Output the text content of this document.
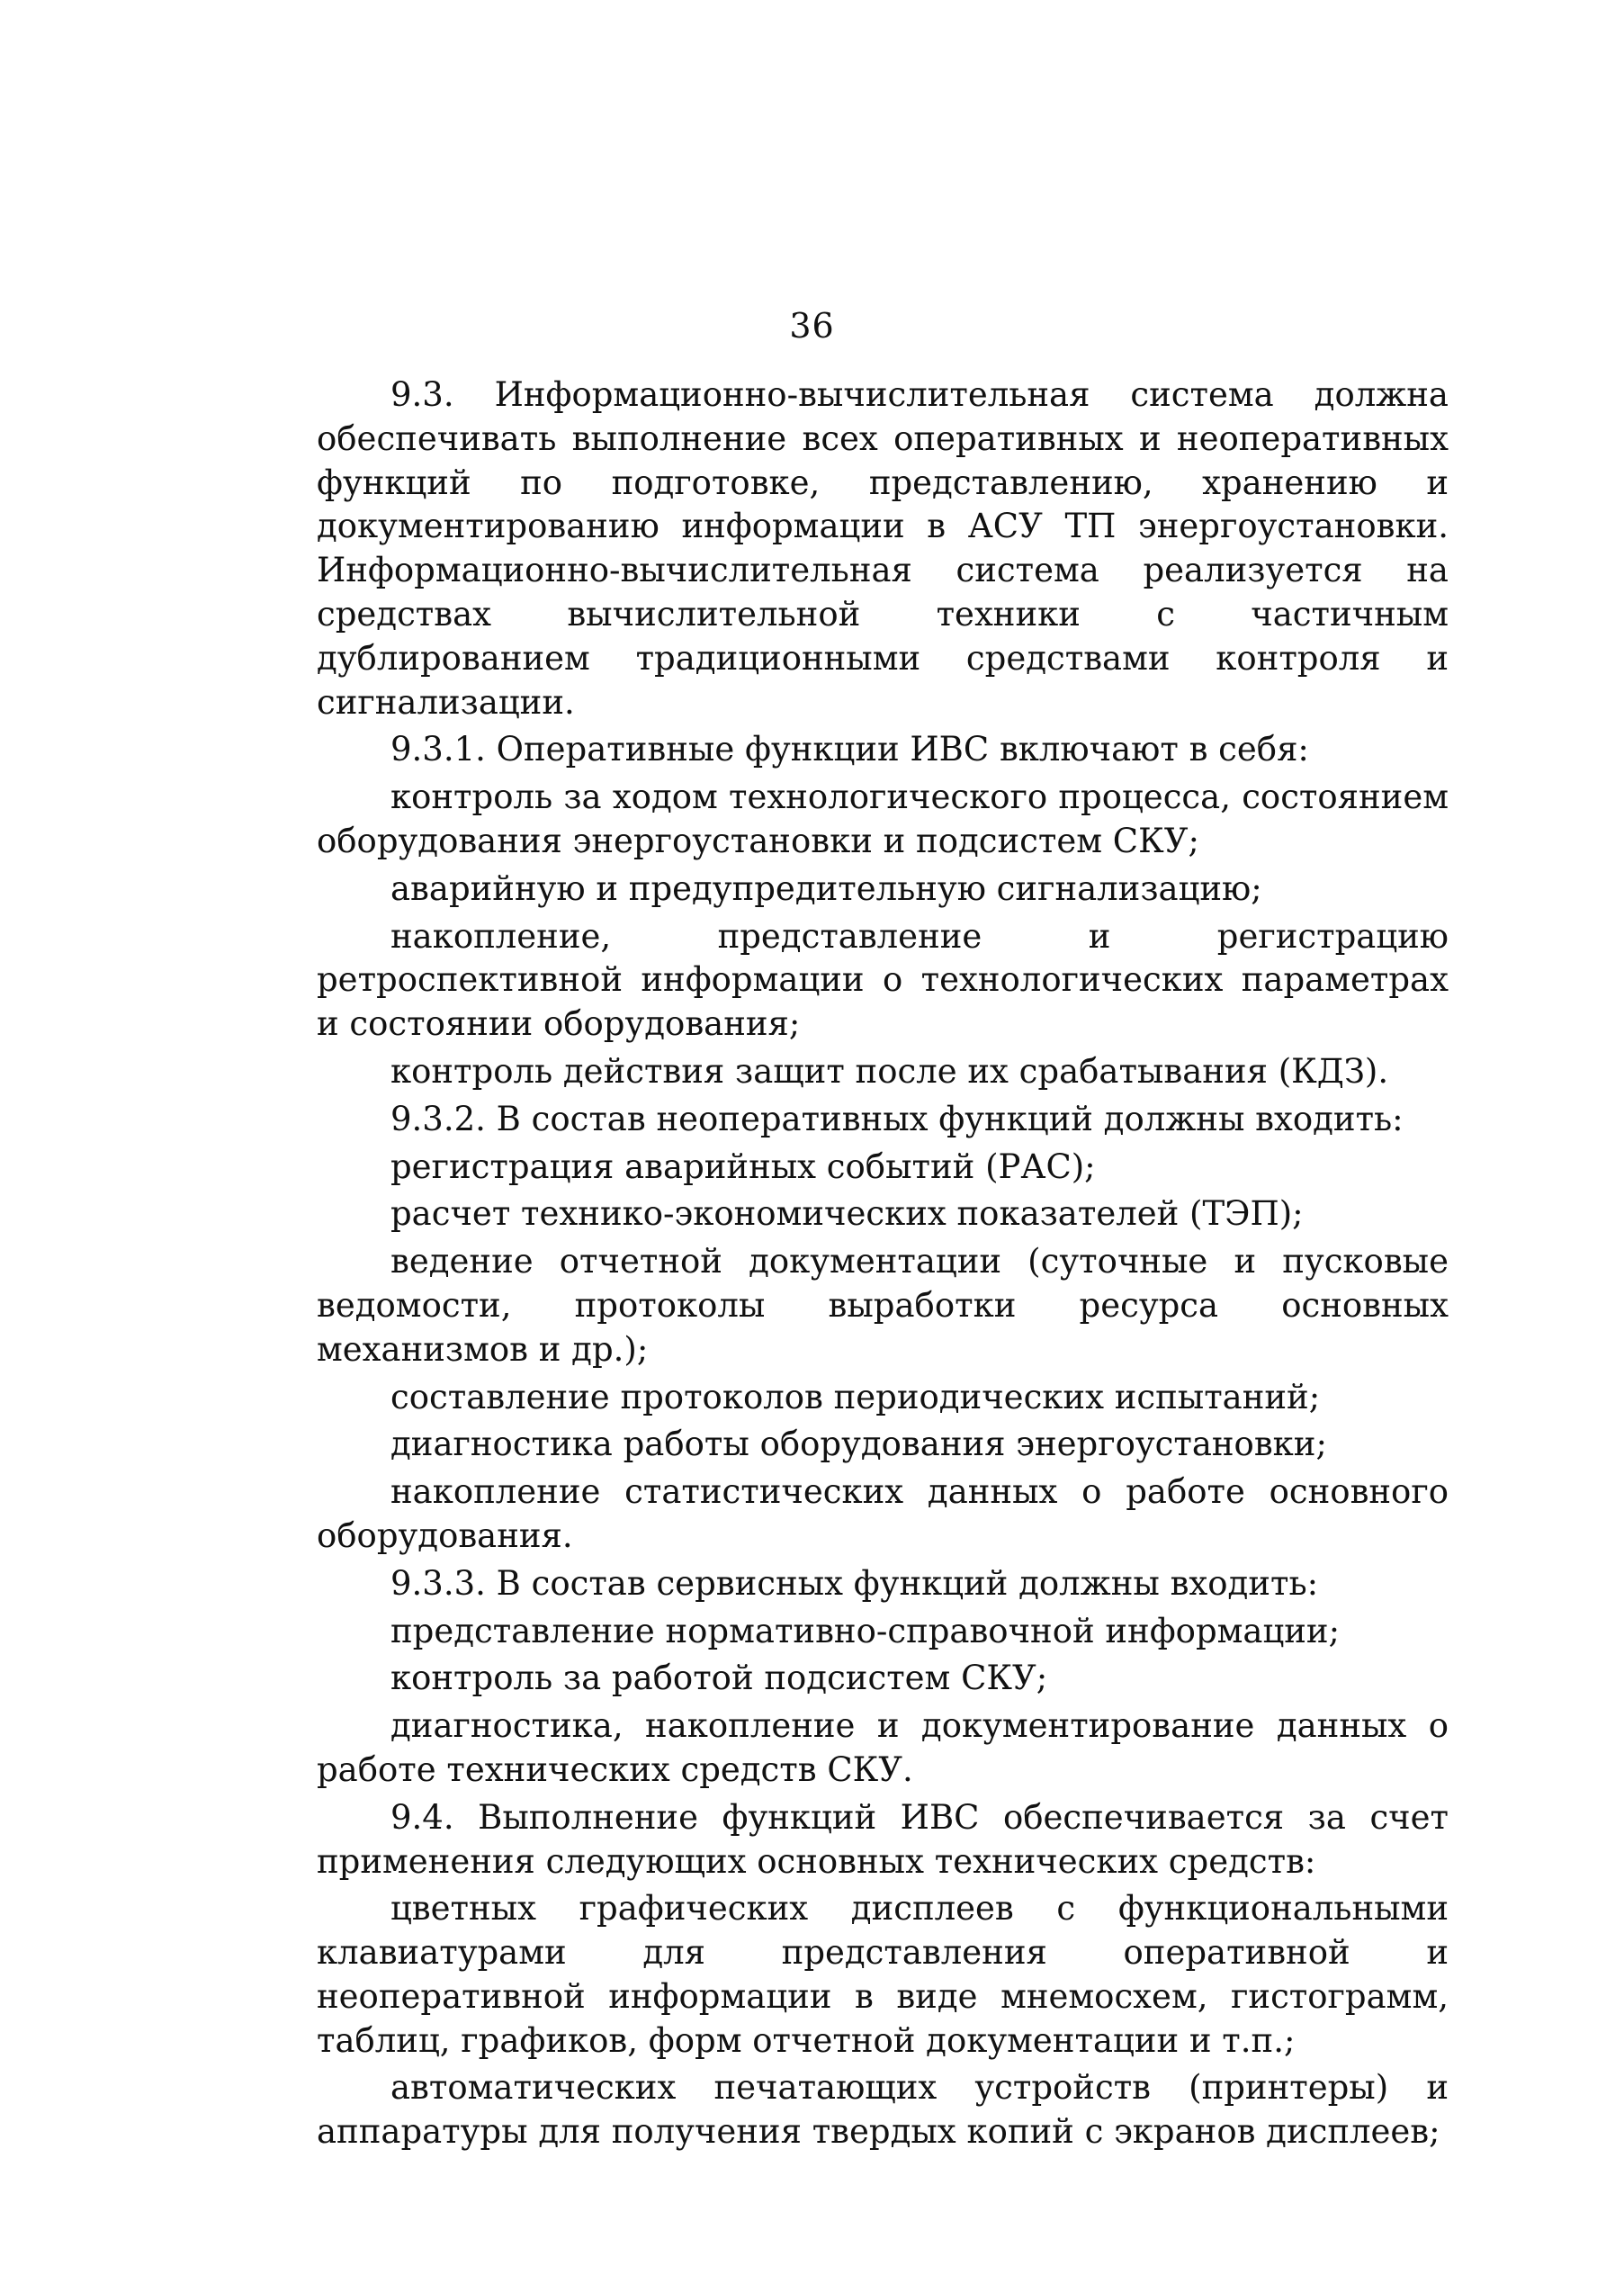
36

9.3. Информационно-вычислительная система должна обеспечивать выполнение всех оперативных и неоперативных функций по подготовке, представлению, хранению и документированию информации в АСУ ТП энергоустановки. Информационно-вычислительная система реализуется на средствах вычислительной техники с частичным дублированием традиционными средствами контроля и сигнализации.

9.3.1. Оперативные функции ИВС включают в себя:

контроль за ходом технологического процесса, состоянием оборудования энергоустановки и подсистем СКУ;

аварийную и предупредительную сигнализацию;

накопление, представление и регистрацию ретроспективной информации о технологических параметрах и состоянии оборудования;

контроль действия защит после их срабатывания (КДЗ).

9.3.2. В состав неоперативных функций должны входить:

регистрация аварийных событий (РАС);

расчет технико-экономических показателей (ТЭП);

ведение отчетной документации (суточные и пусковые ведомости, протоколы выработки ресурса основных механизмов и др.);

составление протоколов периодических испытаний;

диагностика работы оборудования энергоустановки;

накопление статистических данных о работе основного оборудования.

9.3.3. В состав сервисных функций должны входить:

представление нормативно-справочной информации;

контроль за работой подсистем СКУ;

диагностика, накопление и документирование данных о работе технических средств СКУ.

9.4. Выполнение функций ИВС обеспечивается за счет применения следующих основных технических средств:

цветных графических дисплеев с функциональными клавиатурами для представления оперативной и неоперативной информации в виде мнемосхем, гистограмм, таблиц, графиков, форм отчетной документации и т.п.;

автоматических печатающих устройств (принтеры) и аппаратуры для получения твердых копий с экранов дисплеев;
